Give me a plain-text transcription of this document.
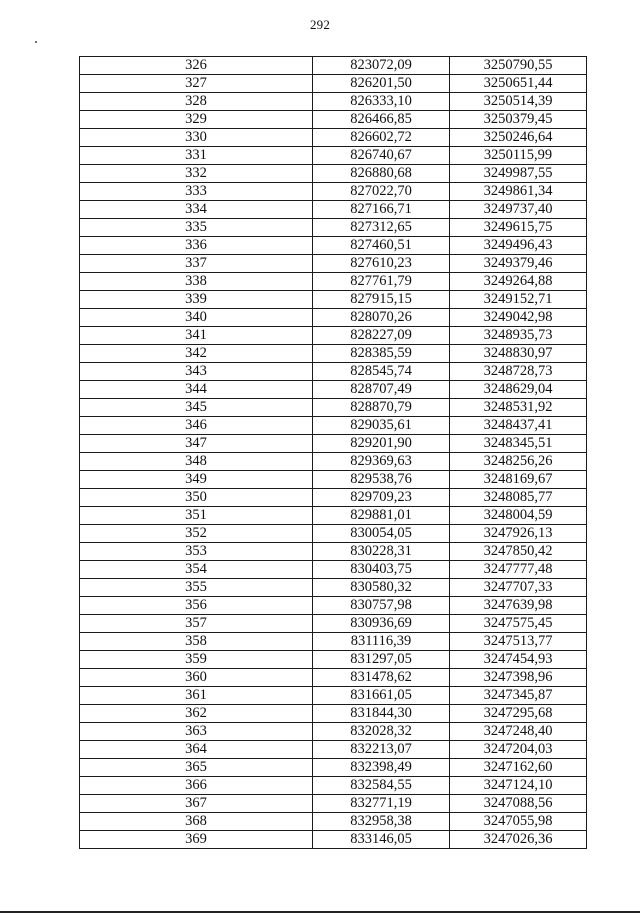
292
326	823072,09	3250790,55
327	826201,50	3250651,44
328	826333,10	3250514,39
329	826466,85	3250379,45
330	826602,72	3250246,64
331	826740,67	3250115,99
332	826880,68	3249987,55
333	827022,70	3249861,34
334	827166,71	3249737,40
335	827312,65	3249615,75
336	827460,51	3249496,43
337	827610,23	3249379,46
338	827761,79	3249264,88
339	827915,15	3249152,71
340	828070,26	3249042,98
341	828227,09	3248935,73
342	828385,59	3248830,97
343	828545,74	3248728,73
344	828707,49	3248629,04
345	828870,79	3248531,92
346	829035,61	3248437,41
347	829201,90	3248345,51
348	829369,63	3248256,26
349	829538,76	3248169,67
350	829709,23	3248085,77
351	829881,01	3248004,59
352	830054,05	3247926,13
353	830228,31	3247850,42
354	830403,75	3247777,48
355	830580,32	3247707,33
356	830757,98	3247639,98
357	830936,69	3247575,45
358	831116,39	3247513,77
359	831297,05	3247454,93
360	831478,62	3247398,96
361	831661,05	3247345,87
362	831844,30	3247295,68
363	832028,32	3247248,40
364	832213,07	3247204,03
365	832398,49	3247162,60
366	832584,55	3247124,10
367	832771,19	3247088,56
368	832958,38	3247055,98
369	833146,05	3247026,36
